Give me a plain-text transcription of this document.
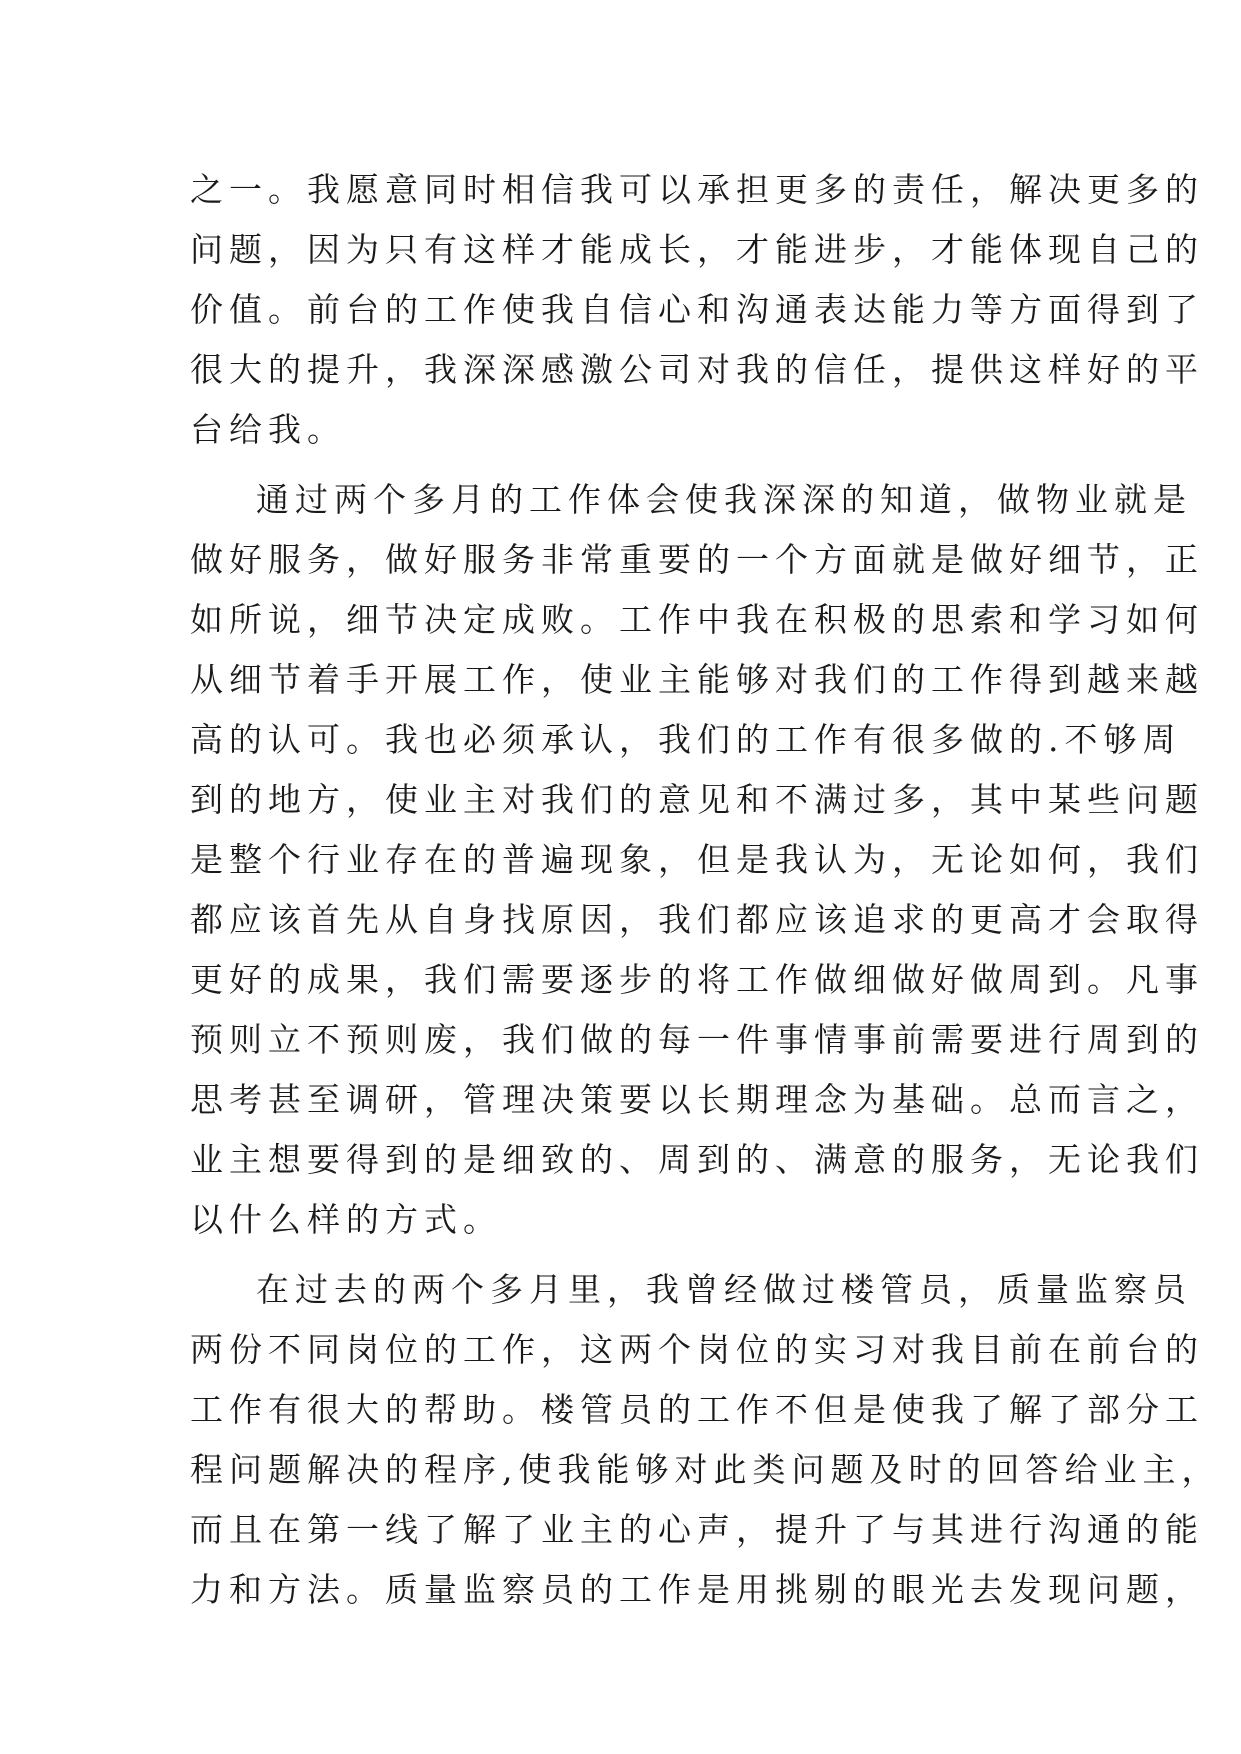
之一。我愿意同时相信我可以承担更多的责任，解决更多的
问题，因为只有这样才能成长，才能进步，才能体现自己的
价值。前台的工作使我自信心和沟通表达能力等方面得到了
很大的提升，我深深感激公司对我的信任，提供这样好的平
台给我。
通过两个多月的工作体会使我深深的知道，做物业就是
做好服务，做好服务非常重要的一个方面就是做好细节，正
如所说，细节决定成败。工作中我在积极的思索和学习如何
从细节着手开展工作，使业主能够对我们的工作得到越来越
高的认可。我也必须承认，我们的工作有很多做的.不够周
到的地方，使业主对我们的意见和不满过多，其中某些问题
是整个行业存在的普遍现象，但是我认为，无论如何，我们
都应该首先从自身找原因，我们都应该追求的更高才会取得
更好的成果，我们需要逐步的将工作做细做好做周到。凡事
预则立不预则废，我们做的每一件事情事前需要进行周到的
思考甚至调研，管理决策要以长期理念为基础。总而言之，
业主想要得到的是细致的、周到的、满意的服务，无论我们
以什么样的方式。
在过去的两个多月里，我曾经做过楼管员，质量监察员
两份不同岗位的工作，这两个岗位的实习对我目前在前台的
工作有很大的帮助。楼管员的工作不但是使我了解了部分工
程问题解决的程序,使我能够对此类问题及时的回答给业主，
而且在第一线了解了业主的心声，提升了与其进行沟通的能
力和方法。质量监察员的工作是用挑剔的眼光去发现问题，
